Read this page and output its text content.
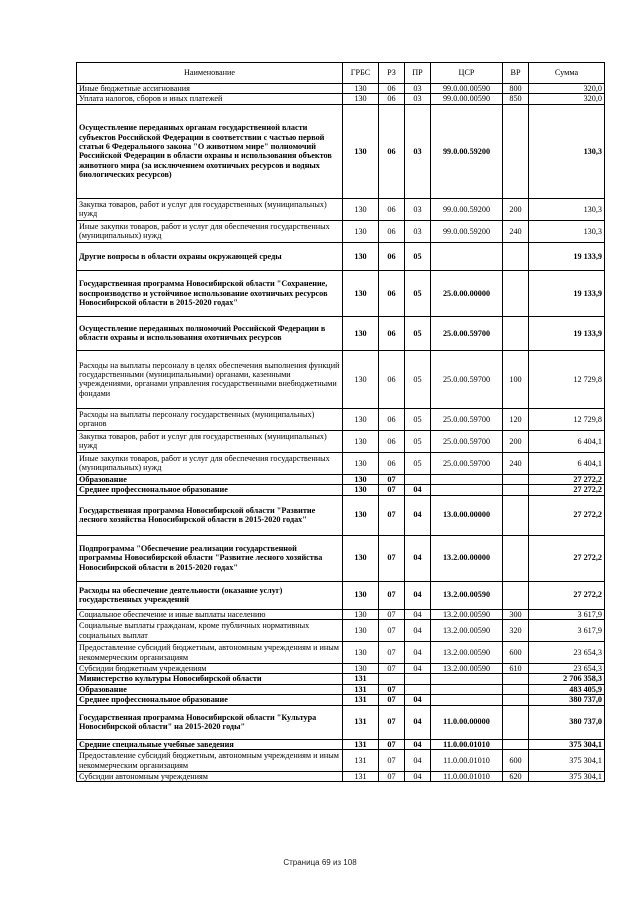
Наименование	ГРБС	РЗ	ПР	ЦСР	ВР	Сумма
Иные бюджетные ассигнования	130	06	03	99.0.00.00590	800	320,0
Уплата налогов, сборов и иных платежей	130	06	03	99.0.00.00590	850	320,0
Осуществление переданных органам государственной власти субъектов Российской Федерации в соответствии с частью первой статьи 6 Федерального закона "О животном мире" полномочий Российской Федерации в области охраны и использования объектов животного мира (за исключением охотничьих ресурсов и водных биологических ресурсов)	130	06	03	99.0.00.59200		130,3
Закупка товаров, работ и услуг для государственных (муниципальных) нужд	130	06	03	99.0.00.59200	200	130,3
Иные закупки товаров, работ и услуг для обеспечения государственных (муниципальных) нужд	130	06	03	99.0.00.59200	240	130,3
Другие вопросы в области охраны окружающей среды	130	06	05			19 133,9
Государственная программа Новосибирской области "Сохранение, воспроизводство и устойчивое использование охотничьих ресурсов Новосибирской области в 2015-2020 годах"	130	06	05	25.0.00.00000		19 133,9
Осуществление переданных полномочий Российской Федерации в области охраны и использования охотничьих ресурсов	130	06	05	25.0.00.59700		19 133,9
Расходы на выплаты персоналу в целях обеспечения выполнения функций государственными (муниципальными) органами, казенными учреждениями, органами управления государственными внебюджетными фондами	130	06	05	25.0.00.59700	100	12 729,8
Расходы на выплаты персоналу государственных (муниципальных) органов	130	06	05	25.0.00.59700	120	12 729,8
Закупка товаров, работ и услуг для государственных (муниципальных) нужд	130	06	05	25.0.00.59700	200	6 404,1
Иные закупки товаров, работ и услуг для обеспечения государственных (муниципальных) нужд	130	06	05	25.0.00.59700	240	6 404,1
Образование	130	07				27 272,2
Среднее профессиональное образование	130	07	04			27 272,2
Государственная программа Новосибирской области "Развитие лесного хозяйства Новосибирской области в 2015-2020 годах"	130	07	04	13.0.00.00000		27 272,2
Подпрограмма "Обеспечение реализации государственной программы Новосибирской области "Развитие лесного хозяйства Новосибирской области в 2015-2020 годах"	130	07	04	13.2.00.00000		27 272,2
Расходы на обеспечение деятельности (оказание услуг) государственных учреждений	130	07	04	13.2.00.00590		27 272,2
Социальное обеспечение и иные выплаты населению	130	07	04	13.2.00.00590	300	3 617,9
Социальные выплаты гражданам, кроме публичных нормативных социальных выплат	130	07	04	13.2.00.00590	320	3 617,9
Предоставление субсидий бюджетным, автономным учреждениям и иным некоммерческим организациям	130	07	04	13.2.00.00590	600	23 654,3
Субсидии бюджетным учреждениям	130	07	04	13.2.00.00590	610	23 654,3
Министерство культуры Новосибирской области	131					2 706 358,3
Образование	131	07				483 405,9
Среднее профессиональное образование	131	07	04			380 737,0
Государственная программа Новосибирской области "Культура Новосибирской области" на 2015-2020 годы"	131	07	04	11.0.00.00000		380 737,0
Средние специальные учебные заведения	131	07	04	11.0.00.01010		375 304,1
Предоставление субсидий бюджетным, автономным учреждениям и иным некоммерческим организациям	131	07	04	11.0.00.01010	600	375 304,1
Субсидии автономным учреждениям	131	07	04	11.0.00.01010	620	375 304,1
Страница 69 из 108
